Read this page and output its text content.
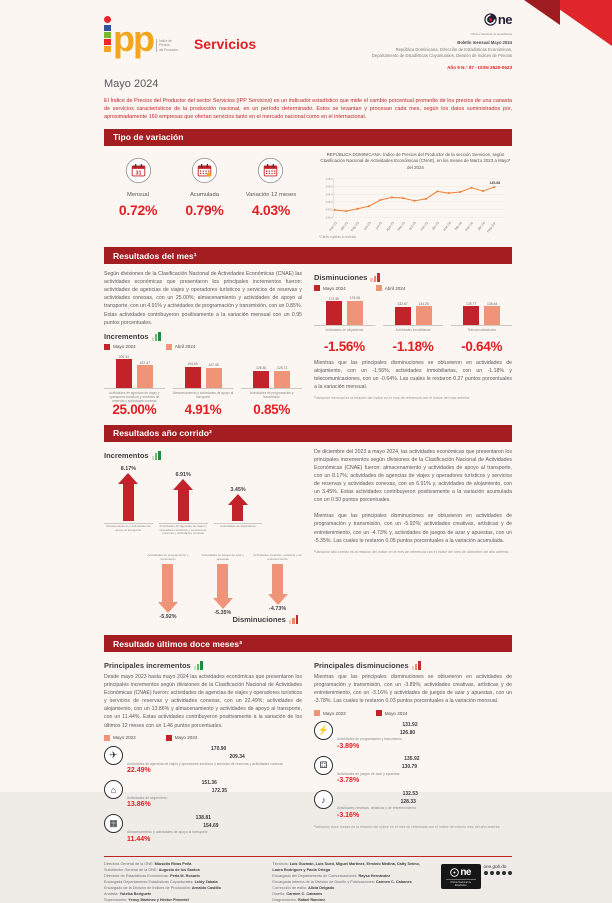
pp Índice de
Precios
del Productor Servicios
ne
Oficina Nacional de Estadística
Boletín mensual Mayo 2024
República Dominicana, Dirección de Estadísticas Económicas,
Departamento de Estadísticas Coyunturales, División de Índices de Precios
Año 9 N.° 87 - ISSN 2520-0623
Mayo 2024

El Índice de Precios del Productor del sector Servicios (IPP Servicios) es un indicador estadístico que mide el cambio porcentual promedio de los precios de una canasta de servicios característicos de la producción nacional, en un período determinado. Estos se levantan y procesan cada mes, según los datos suministrados por, aproximadamente 160 empresas que ofertan servicios tanto en el mercado nacional como en el internacional.

Tipo de variación
31
Mensual
0.72%
Acumulada
0.79%
Variación 12 meses
4.03%
REPÚBLICA DOMINICANA: Índice de Precios del Productor de la sección Servicios, según Clasificación Nacional de Actividades Económicas (CNAE), en los meses de Marzo 2023 a Mayo* del 2024
138.0
140.0
142.0
144.0
146.0
148.0
145.88
mar-23 abr-23 may-23 jun-23 jul-23 ago-23 sep-23 oct-23 nov-23 dic-23 ene-24 feb-24 mar-24 abr-24 may-24*
*Cifras sujetas a revisión
Resultados del mes¹

Según divisiones de la Clasificación Nacional de Actividades Económicas (CNAE) las actividades económicas que presentaron los principales incrementos fueron: actividades de agencias de viajes y operadores turísticos y servicios de reservas y actividades conexas, con un 25.00%; almacenamiento y actividades de apoyo al transporte, con un 4.91% y actividades de programación y transmisión, con un 0.85%. Estas actividades contribuyeron positivamente a la variación mensual con un 0.95 puntos porcentuales.

Incrementos
Mayo 2024	Abril 2024
209.34
167.47
Actividades de agencias de viajes y operadores turísticos y servicios de reservas y actividades conexas
25.00%
154.69	147.45
Almacenamiento y actividades de apoyo al transporte
4.91%
126.80	125.72
Actividades de programación y transmisión
0.85%
Disminuciones
Mayo 2024	Abril 2024
172.35	175.08
Actividades de alojamiento
-1.56%
132.67	134.25
Actividades inmobiliarias
-1.18%
135.77	136.64
Telecomunicaciones
-0.64%

Mientras que las principales disminuciones se obtuvieron en actividades de alojamiento, con un -1.56%; actividades inmobiliarias, con un -1.18% y telecomunicaciones, con un -0.64%. Las cuales le restaron 0.27 puntos porcentuales a la variación mensual.

¹Variación mensual es la relación del índice en el mes de referencia con el índice del mes anterior
Resultados año corrido²
Incrementos
8.17%
Almacenamiento y actividades de apoyo al transporte
6.91%
Actividades de agencias de viajes y operadores turísticos y servicios de reservas y actividades conexas
3.45%
Actividades de alojamiento
Actividades de programación y transmisión
-5.92%
Actividades de juegos de azar y apuestas
-5.35%
Actividades creativas, artísticas y de entretenimiento
-4.73%
Disminuciones

De diciembre del 2023 a mayo 2024, las actividades económicas que presentaron los principales incrementos según divisiones de la Clasificación Nacional de Actividades Económicas (CNAE) fueron: almacenamiento y actividades de apoyo al transporte, con un 8.17%; actividades de agencias de viajes y operadores turísticos y servicios de reservas y actividades conexas, con un 6.91% y, actividades de alojamiento, con un 3.45%. Estas actividades contribuyeron positivamente a la variación acumulada con un 0.50 puntos porcentuales.

Mientras que las principales disminuciones se obtuvieron en actividades de programación y transmisión, con un -5.92%; actividades creativas, artísticas y de entretenimiento, con un -4.73% y, actividades de juegos de azar y apuestas, con un -5.35%. Las cuales le restaron 0.05 puntos porcentuales a la variación acumulada.

²Variación año corrido es la relación del índice en el mes de referencia con el índice del mes de diciembre del año anterior.
Resultado últimos doce meses³
Principales incrementos

Desde mayo 2023 hasta mayo 2024 las actividades económicas que presentaron los principales incrementos según divisiones de la Clasificación Nacional de Actividades Económicas (CNAE) fueron: actividades de agencias de viajes y operadores turísticos y servicios de reservas y actividades conexas, con un 22.49%; actividades de alojamiento, con un 13.86% y almacenamiento y actividades de apoyo al transporte, con un 11.44%. Estas actividades contribuyeron positivamente a la variación de los últimos 12 meses con un 1.46 puntos porcentuales.

Mayo 2023	Mayo 2024
✈
170.90
209.34
Actividades de agencias de viajes y operadores turísticos y servicios de reservas y actividades conexas
22.49%
⌂
151.36
172.35
Actividades de alojamiento
13.86%
▦
138.81
154.69
Almacenamiento y actividades de apoyo al transporte
11.44%
Principales disminuciones

Mientras que las principales disminuciones se obtuvieron en actividades de programación y transmisión, con un -3.89%; actividades creativas, artísticas y de entretenimiento, con un -3.16% y actividades de juegos de azar y apuestas, con un -3.78%. Las cuales le restaron 0.03 puntos porcentuales a la variación mensual.

Mayo 2023	Mayo 2024
⚡
131.92
126.80
Actividades de programación y transmisión.
-3.89%
⚃
135.92
130.79
Actividades de juegos de azar y apuestas
-3.78%
♪
132.53
128.33
Actividades creativas, artísticas y de entretenimiento
-3.16%
³Variación doce meses es la relación del índice en el mes de referencia con el índice del mismo mes del año anterior.
Directora General de la ONE: Miosotis Rivas Peña
Subdirector General de la ONE: Augusto de los Santos
Directora de Estadísticas Económicas: Perla M. Rosario
Encargada Departamento Estadísticas Coyunturales: Leidy Zabala
Encargado de la División de Índices de Producción: Arnaldo Castillo
Analista: Yuleika Beriguete
Supervisores: Yensy Martínez y Héctor Pimentel
Técnicos: Luis Guzmán, Luis Sued, Miguel Martínez, Erminio Medina, Catty Selmo, Laura Rodríguez y Paola Ortega
Encargado del Departamento de Comunicaciones: Raysa Hernández
Encargada Interina de la División de Diseño y Publicaciones: Carmen C. Cabanes
Corrección de estilo: Alicia Delgado
Diseño: Carmen C. Cabanes
Diagramación: Rafael Ramírez
ne
Oficina Nacional de Estadística
one.gob.do
